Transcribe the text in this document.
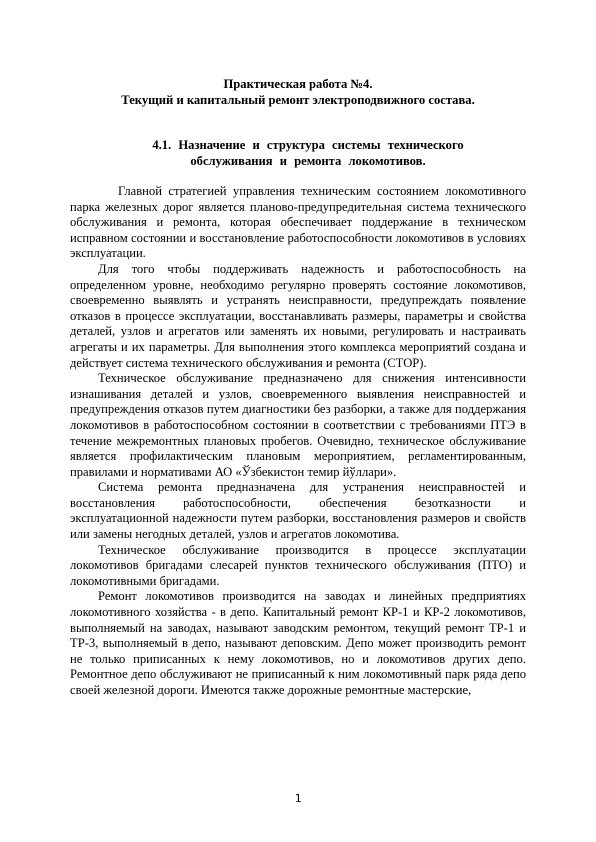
Практическая работа №4.
Текущий и капитальный ремонт электроподвижного состава.
4.1. Назначение и структура системы технического
обслуживания и ремонта локомотивов.

Главной стратегией управления техническим состоянием локомотивного парка железных дорог является планово-предупредительная система технического обслуживания и ремонта, которая обеспечивает поддержание в техническом исправном состоянии и восстановление работоспособности локомотивов в условиях эксплуатации.

Для того чтобы поддерживать надежность и работоспособность на определенном уровне, необходимо регулярно проверять состояние локомотивов, своевременно выявлять и устранять неисправности, предупреждать появление отказов в процессе эксплуатации, восстанавливать размеры, параметры и свойства деталей, узлов и агрегатов или заменять их новыми, регулировать и настраивать агрегаты и их параметры. Для выполнения этого комплекса мероприятий создана и действует система технического обслуживания и ремонта (СТОР).

Техническое обслуживание предназначено для снижения интенсивности изнашивания деталей и узлов, своевременного выявления неисправностей и предупреждения отказов путем диагностики без разборки, а также для поддержания локомотивов в работоспособном состоянии в соответствии с требованиями ПТЭ в течение межремонтных плановых пробегов. Очевидно, техническое обслуживание является профилактическим плановым мероприятием, регламентированным, правилами и нормативами АО «Ўзбекистон темир йўллари».

Система ремонта предназначена для устранения неисправностей и восстановления работоспособности, обеспечения безотказности и эксплуатационной надежности путем разборки, восстановления размеров и свойств или замены негодных деталей, узлов и агрегатов локомотива.

Техническое обслуживание производится в процессе эксплуатации локомотивов бригадами слесарей пунктов технического обслуживания (ПТО) и локомотивными бригадами.

Ремонт локомотивов производится на заводах и линейных предприятиях локомотивного хозяйства - в депо. Капитальный ремонт КР-1 и КР-2 локомотивов, выполняемый на заводах, называют заводским ремонтом, текущий ремонт ТР-1 и ТР-3, выполняемый в депо, называют деповским. Депо может производить ремонт не только приписанных к нему локомотивов, но и локомотивов других депо. Ремонтное депо обслуживают не приписанный к ним локомотивный парк ряда депо своей железной дороги. Имеются также дорожные ремонтные мастерские,

1
